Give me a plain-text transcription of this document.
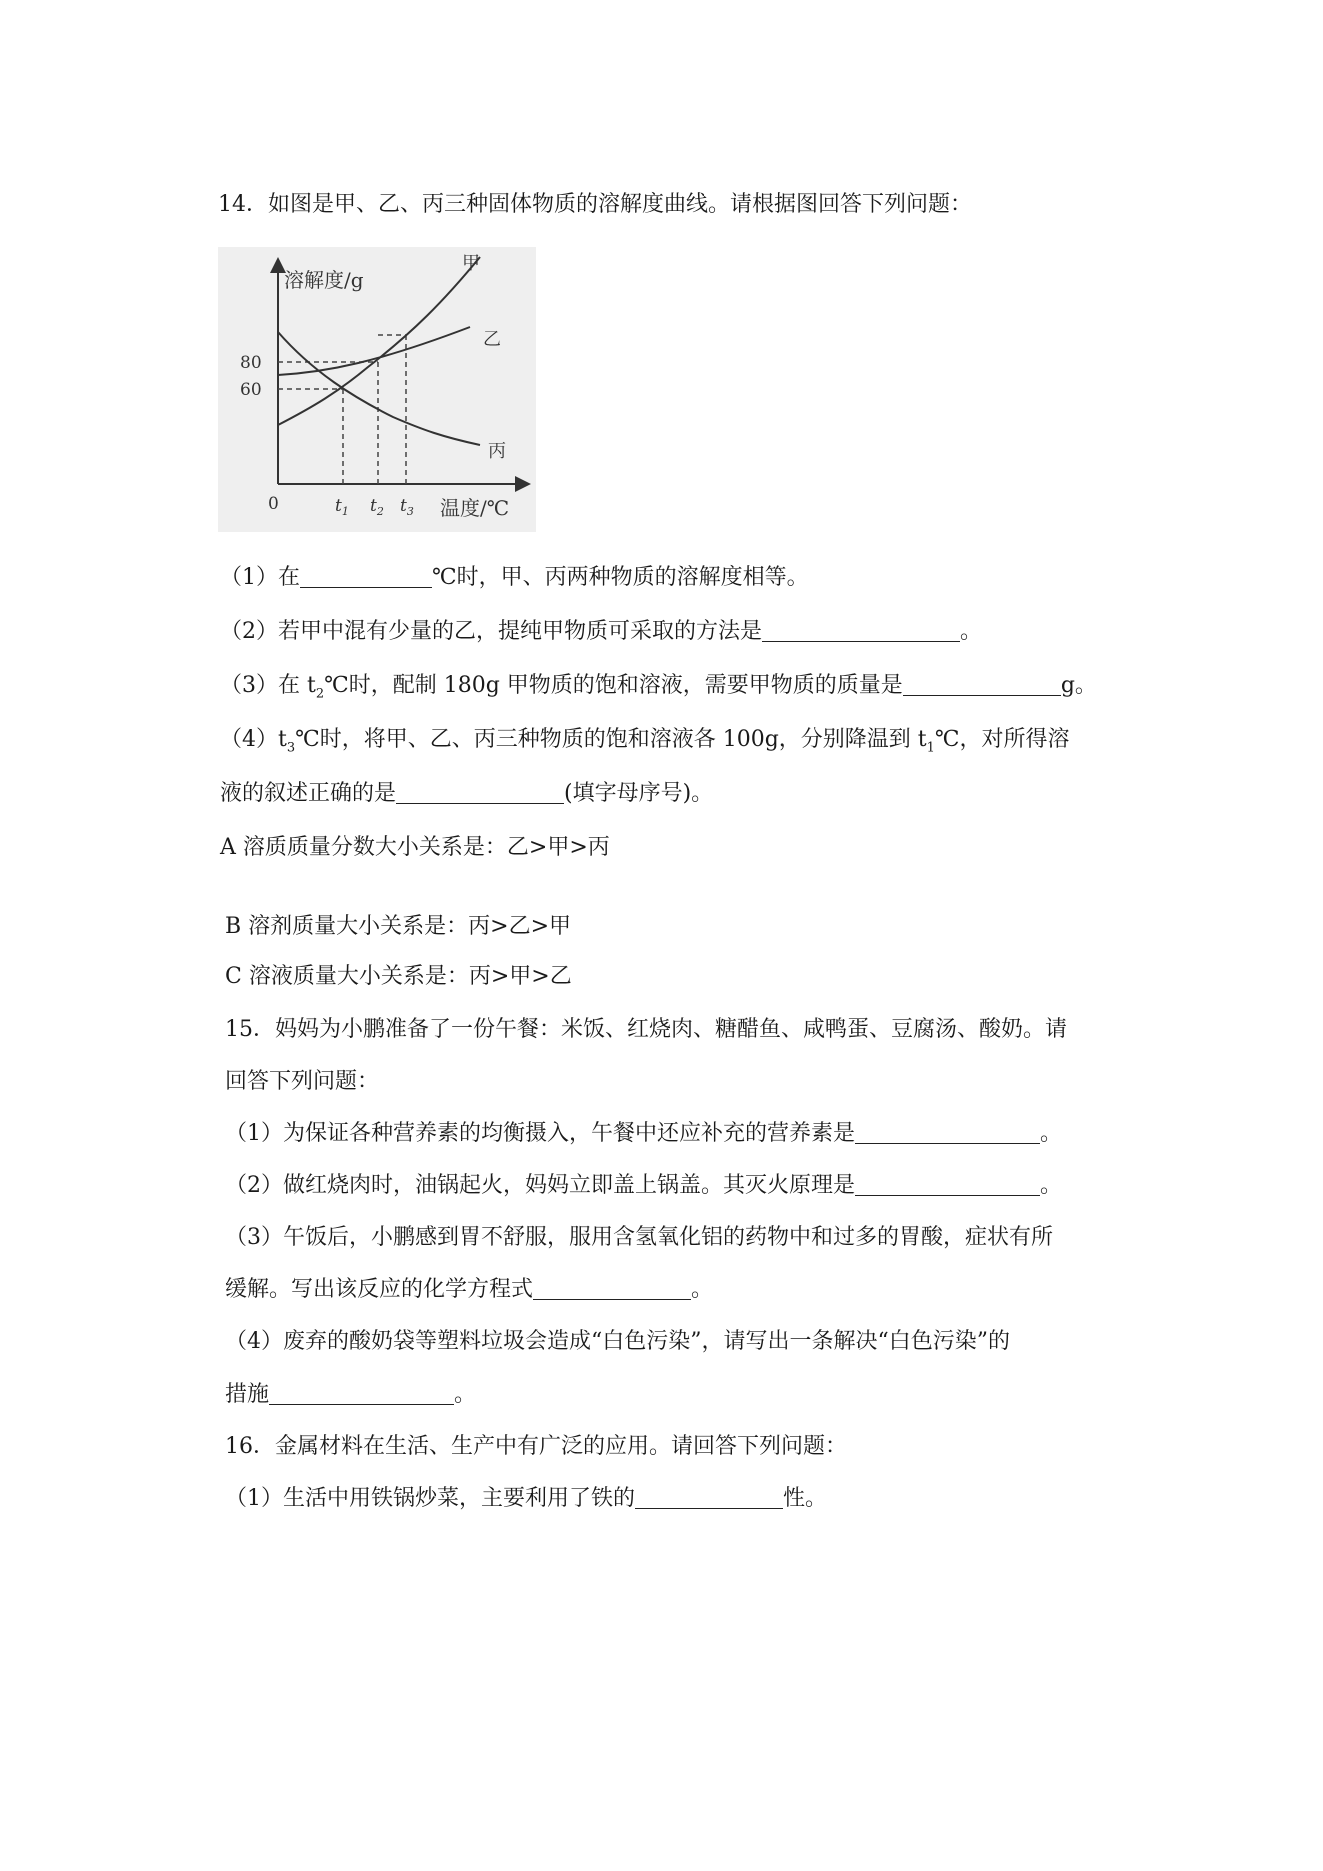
14．如图是甲、乙、丙三种固体物质的溶解度曲线。请根据图回答下列问题：
溶解度/g
温度/℃
0
80
60
$t_1$ $t_2$ $t_3$
甲
乙
丙
（1）在	℃时，甲、丙两种物质的溶解度相等。
（2）若甲中混有少量的乙，提纯甲物质可采取的方法是	。
（3）在 $t_2℃$时，配制 180g 甲物质的饱和溶液，需要甲物质的质量是	g。
$(4)t_3℃$时，将甲、乙、丙三种物质的饱和溶液各 100g，分别降温到 $t_1℃$，对所得溶
液的叙述正确的是	(填字母序号)。
A 溶质质量分数大小关系是：乙>甲>丙
B 溶剂质量大小关系是：丙>乙>甲
C 溶液质量大小关系是：丙>甲>乙
15．妈妈为小鹏准备了一份午餐：米饭、红烧肉、糖醋鱼、咸鸭蛋、豆腐汤、酸奶。请
回答下列问题：
（1）为保证各种营养素的均衡摄入，午餐中还应补充的营养素是	。
（2）做红烧肉时，油锅起火，妈妈立即盖上锅盖。其灭火原理是	。
（3）午饭后，小鹏感到胃不舒服，服用含氢氧化铝的药物中和过多的胃酸，症状有所
缓解。写出该反应的化学方程式	。
（4）废弃的酸奶袋等塑料垃圾会造成“白色污染”，请写出一条解决“白色污染”的
措施	。
16．金属材料在生活、生产中有广泛的应用。请回答下列问题：
（1）生活中用铁锅炒菜，主要利用了铁的	性。
